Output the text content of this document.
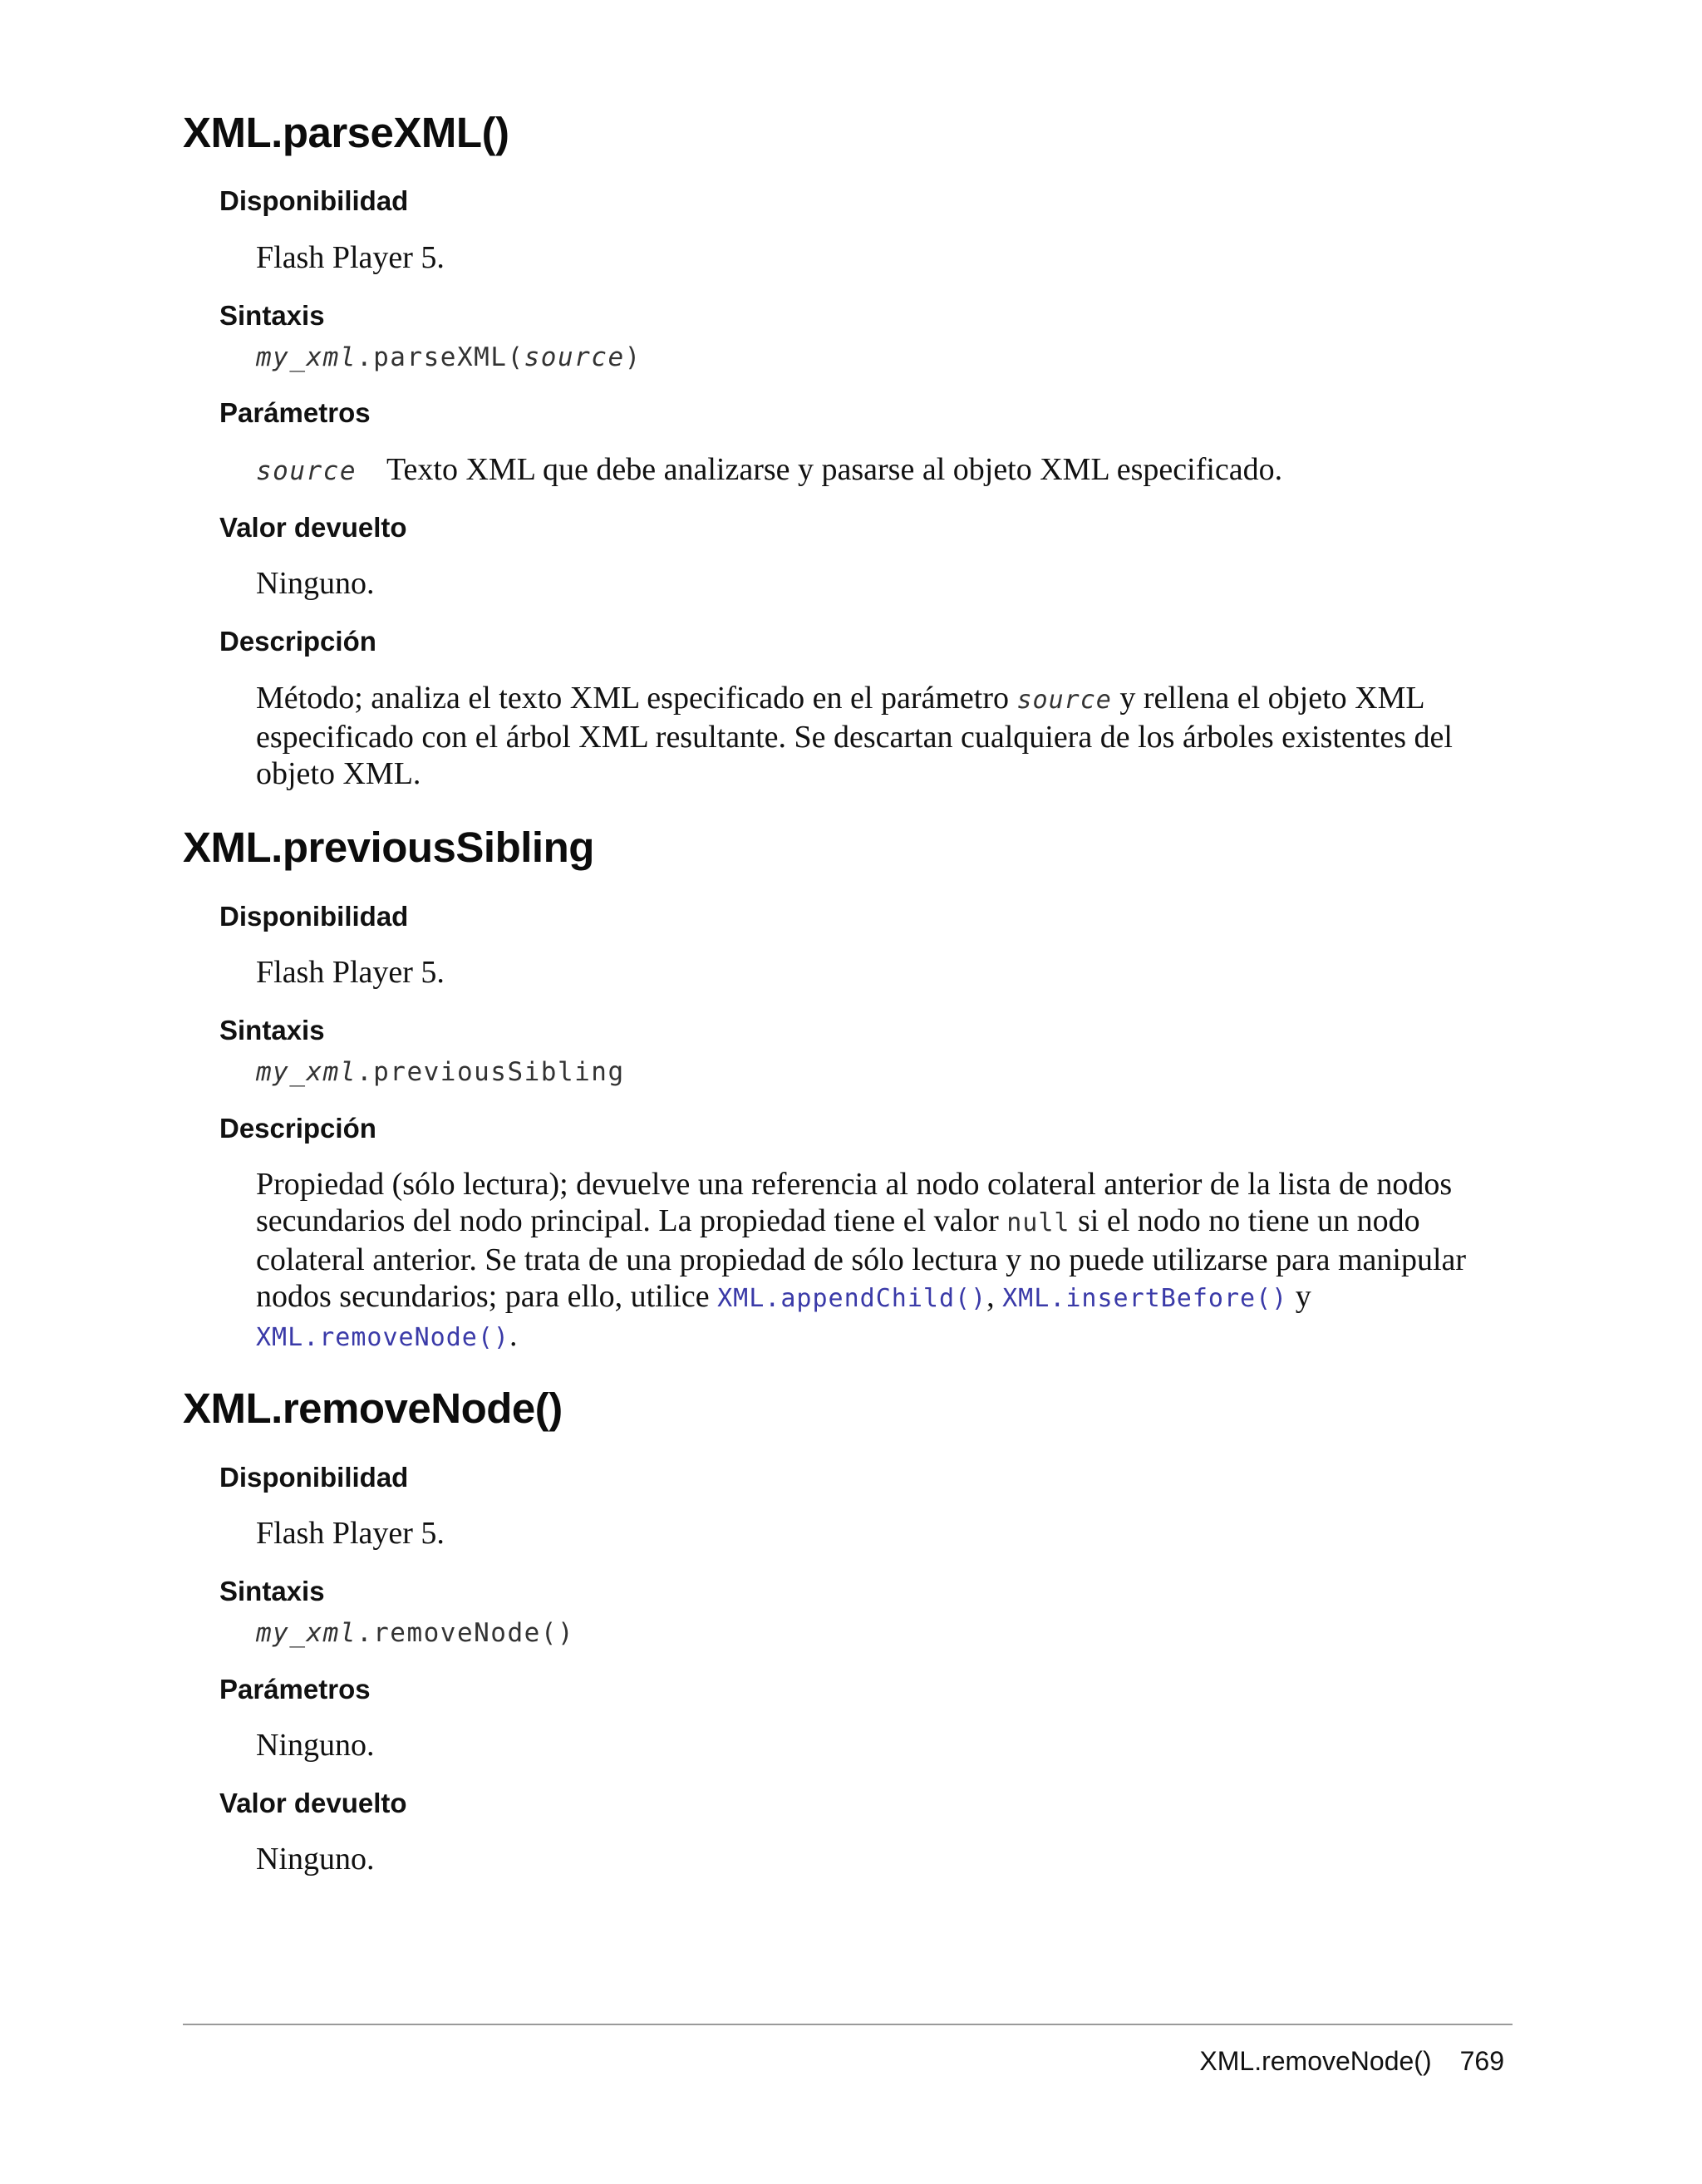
XML.parseXML()
Disponibilidad

Flash Player 5.

Sintaxis
my_xml.parseXML(source)
Parámetros

source Texto XML que debe analizarse y pasarse al objeto XML especificado.

Valor devuelto

Ninguno.

Descripción

Método; analiza el texto XML especificado en el parámetro source y rellena el objeto XML especificado con el árbol XML resultante. Se descartan cualquiera de los árboles existentes del objeto XML.

XML.previousSibling
Disponibilidad

Flash Player 5.

Sintaxis
my_xml.previousSibling
Descripción

Propiedad (sólo lectura); devuelve una referencia al nodo colateral anterior de la lista de nodos secundarios del nodo principal. La propiedad tiene el valor null si el nodo no tiene un nodo colateral anterior. Se trata de una propiedad de sólo lectura y no puede utilizarse para manipular nodos secundarios; para ello, utilice XML.appendChild(), XML.insertBefore() y
XML.removeNode().

XML.removeNode()
Disponibilidad

Flash Player 5.

Sintaxis
my_xml.removeNode()
Parámetros

Ninguno.

Valor devuelto

Ninguno.

XML.removeNode() 769
